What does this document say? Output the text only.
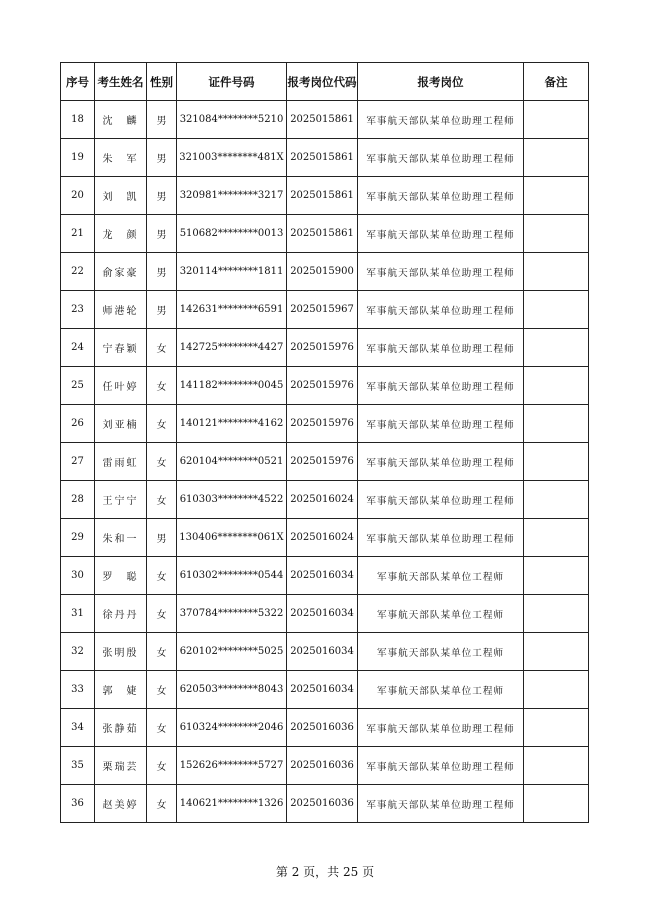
序号	考生姓名	性别	证件号码	报考岗位代码	报考岗位	备注
18	沈　麟	男	321084********5210	2025015861	军事航天部队某单位助理工程师	
19	朱　军	男	321003********481X	2025015861	军事航天部队某单位助理工程师	
20	刘　凯	男	320981********3217	2025015861	军事航天部队某单位助理工程师	
21	龙　颜	男	510682********0013	2025015861	军事航天部队某单位助理工程师	
22	俞家豪	男	320114********1811	2025015900	军事航天部队某单位助理工程师	
23	师港轮	男	142631********6591	2025015967	军事航天部队某单位助理工程师	
24	宁春颖	女	142725********4427	2025015976	军事航天部队某单位助理工程师	
25	任叶婷	女	141182********0045	2025015976	军事航天部队某单位助理工程师	
26	刘亚楠	女	140121********4162	2025015976	军事航天部队某单位助理工程师	
27	雷雨虹	女	620104********0521	2025015976	军事航天部队某单位助理工程师	
28	王宁宁	女	610303********4522	2025016024	军事航天部队某单位助理工程师	
29	朱和一	男	130406********061X	2025016024	军事航天部队某单位助理工程师	
30	罗　聪	女	610302********0544	2025016034	军事航天部队某单位工程师	
31	徐丹丹	女	370784********5322	2025016034	军事航天部队某单位工程师	
32	张明殷	女	620102********5025	2025016034	军事航天部队某单位工程师	
33	郭　婕	女	620503********8043	2025016034	军事航天部队某单位工程师	
34	张静茹	女	610324********2046	2025016036	军事航天部队某单位助理工程师	
35	栗瑞芸	女	152626********5727	2025016036	军事航天部队某单位助理工程师	
36	赵美婷	女	140621********1326	2025016036	军事航天部队某单位助理工程师	
第 2 页，共 25 页
